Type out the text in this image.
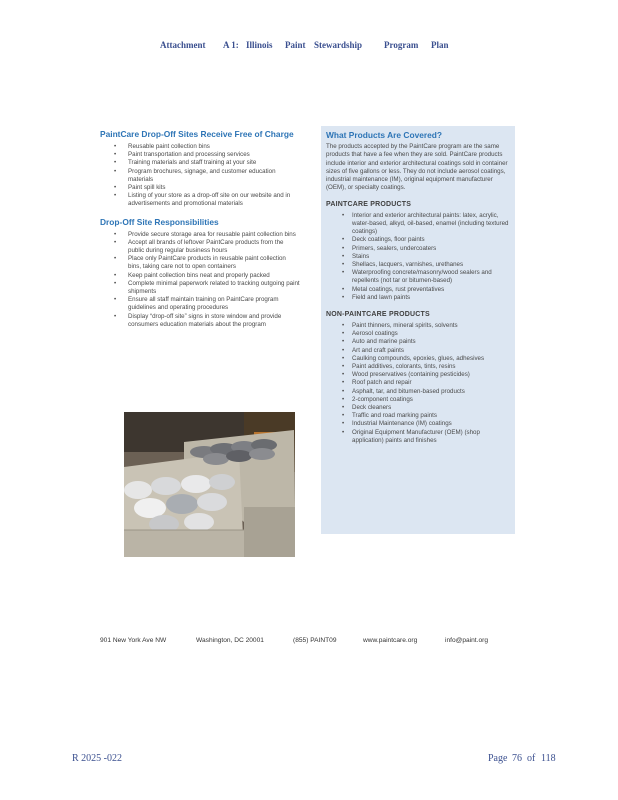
Attachment A 1: Illinois Paint Stewardship Program Plan
PaintCare Drop-Off Sites Receive Free of Charge
• Reusable paint collection bins
• Paint transportation and processing services
• Training materials and staff training at your site
• Program brochures, signage, and customer education materials
• Paint spill kits
• Listing of your store as a drop-off site on our website and in advertisements and promotional materials
Drop-Off Site Responsibilities
• Provide secure storage area for reusable paint collection bins
• Accept all brands of leftover PaintCare products from the public during regular business hours
• Place only PaintCare products in reusable paint collection bins, taking care not to open containers
• Keep paint collection bins neat and properly packed
• Complete minimal paperwork related to tracking outgoing paint shipments
• Ensure all staff maintain training on PaintCare program guidelines and operating procedures
• Display “drop-off site” signs in store window and provide consumers education materials about the program
What Products Are Covered?

The products accepted by the PaintCare program are the same products that have a fee when they are sold. PaintCare products include interior and exterior architectural coatings sold in container sizes of five gallons or less. They do not include aerosol coatings, industrial maintenance (IM), original equipment manufacturer (OEM), or specialty coatings.

PAINTCARE PRODUCTS
• Interior and exterior architectural paints: latex, acrylic, water-based, alkyd, oil-based, enamel (including textured coatings)
• Deck coatings, floor paints
• Primers, sealers, undercoaters
• Stains
• Shellacs, lacquers, varnishes, urethanes
• Waterproofing concrete/masonry/wood sealers and repellents (not tar or bitumen-based)
• Metal coatings, rust preventatives
• Field and lawn paints
NON-PAINTCARE PRODUCTS
• Paint thinners, mineral spirits, solvents
• Aerosol coatings
• Auto and marine paints
• Art and craft paints
• Caulking compounds, epoxies, glues, adhesives
• Paint additives, colorants, tints, resins
• Wood preservatives (containing pesticides)
• Roof patch and repair
• Asphalt, tar, and bitumen-based products
• 2-component coatings
• Deck cleaners
• Traffic and road marking paints
• Industrial Maintenance (IM) coatings
• Original Equipment Manufacturer (OEM) (shop application) paints and finishes
901 New York Ave NW	Washington, DC 20001	(855) PAINT09	www.paintcare.org	info@paint.org
R 2025 -022	Page 76 of 118
